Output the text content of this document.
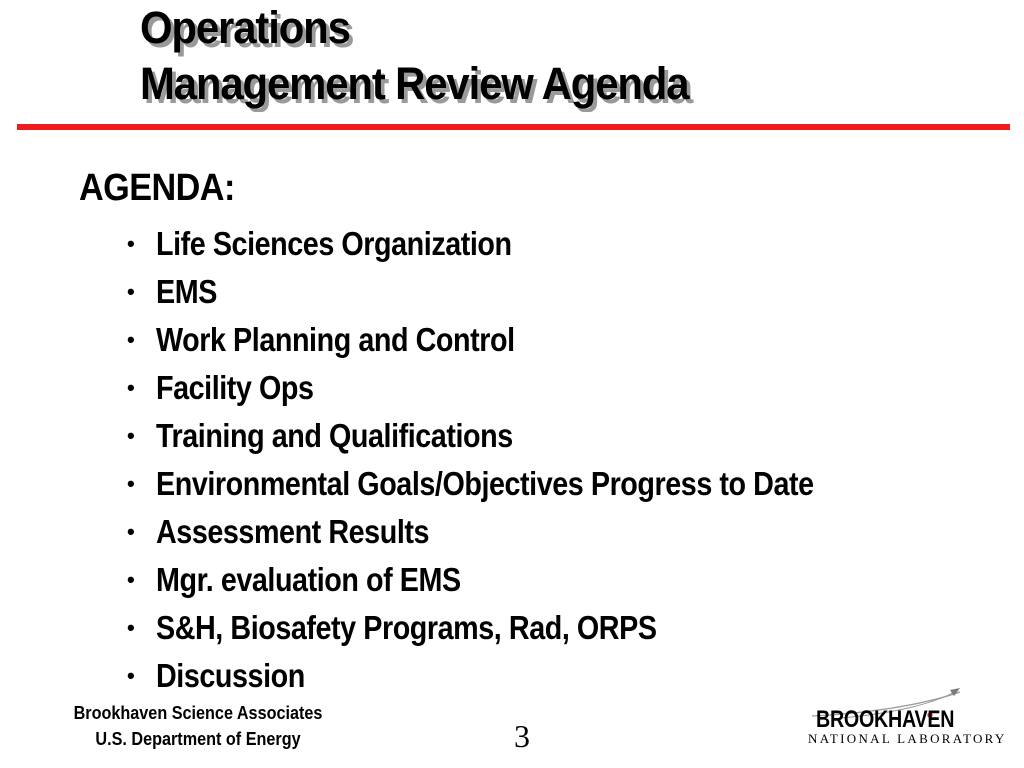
Operations
Management Review Agenda
AGENDA:
• Life Sciences Organization
• EMS
• Work Planning and Control
• Facility Ops
• Training and Qualifications
• Environmental Goals/Objectives Progress to Date
• Assessment Results
• Mgr. evaluation of EMS
• S&H, Biosafety Programs, Rad, ORPS
• Discussion
Brookhaven Science Associates
U.S. Department of Energy	3	BROOKHAVEN
NATIONAL LABORATORY
